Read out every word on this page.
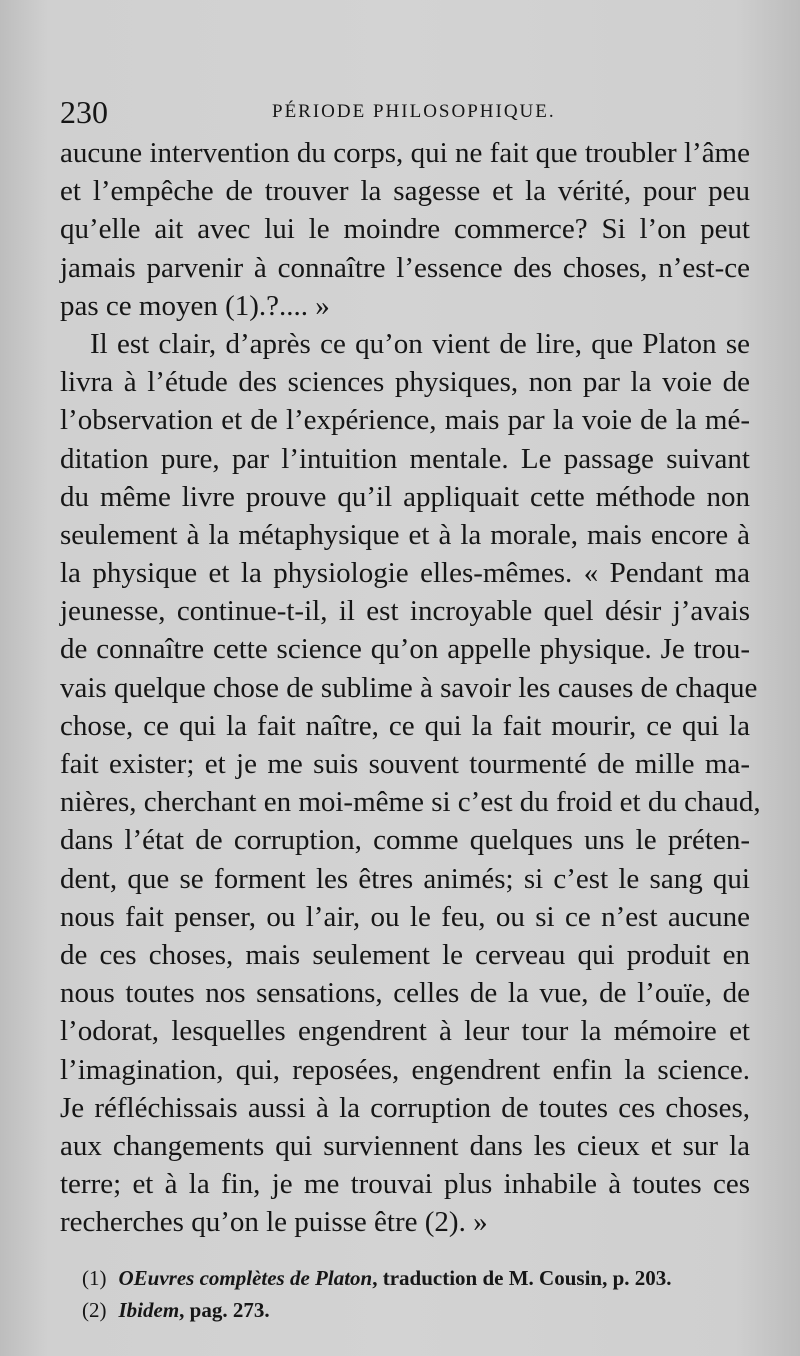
230	PÉRIODE PHILOSOPHIQUE.
aucune intervention du corps, qui ne fait que troubler l’âme
et l’empêche de trouver la sagesse et la vérité, pour peu
qu’elle ait avec lui le moindre commerce? Si l’on peut
jamais parvenir à connaître l’essence des choses, n’est-ce
pas ce moyen (1).?.... »
Il est clair, d’après ce qu’on vient de lire, que Platon se
livra à l’étude des sciences physiques, non par la voie de
l’observation et de l’expérience, mais par la voie de la mé-
ditation pure, par l’intuition mentale. Le passage suivant
du même livre prouve qu’il appliquait cette méthode non
seulement à la métaphysique et à la morale, mais encore à
la physique et la physiologie elles-mêmes. « Pendant ma
jeunesse, continue-t-il, il est incroyable quel désir j’avais
de connaître cette science qu’on appelle physique. Je trou-
vais quelque chose de sublime à savoir les causes de chaque
chose, ce qui la fait naître, ce qui la fait mourir, ce qui la
fait exister; et je me suis souvent tourmenté de mille ma-
nières, cherchant en moi-même si c’est du froid et du chaud,
dans l’état de corruption, comme quelques uns le préten-
dent, que se forment les êtres animés; si c’est le sang qui
nous fait penser, ou l’air, ou le feu, ou si ce n’est aucune
de ces choses, mais seulement le cerveau qui produit en
nous toutes nos sensations, celles de la vue, de l’ouïe, de
l’odorat, lesquelles engendrent à leur tour la mémoire et
l’imagination, qui, reposées, engendrent enfin la science.
Je réfléchissais aussi à la corruption de toutes ces choses,
aux changements qui surviennent dans les cieux et sur la
terre; et à la fin, je me trouvai plus inhabile à toutes ces
recherches qu’on le puisse être (2). »
(1) OEuvres complètes de Platon, traduction de M. Cousin, p. 203.
(2) Ibidem, pag. 273.
